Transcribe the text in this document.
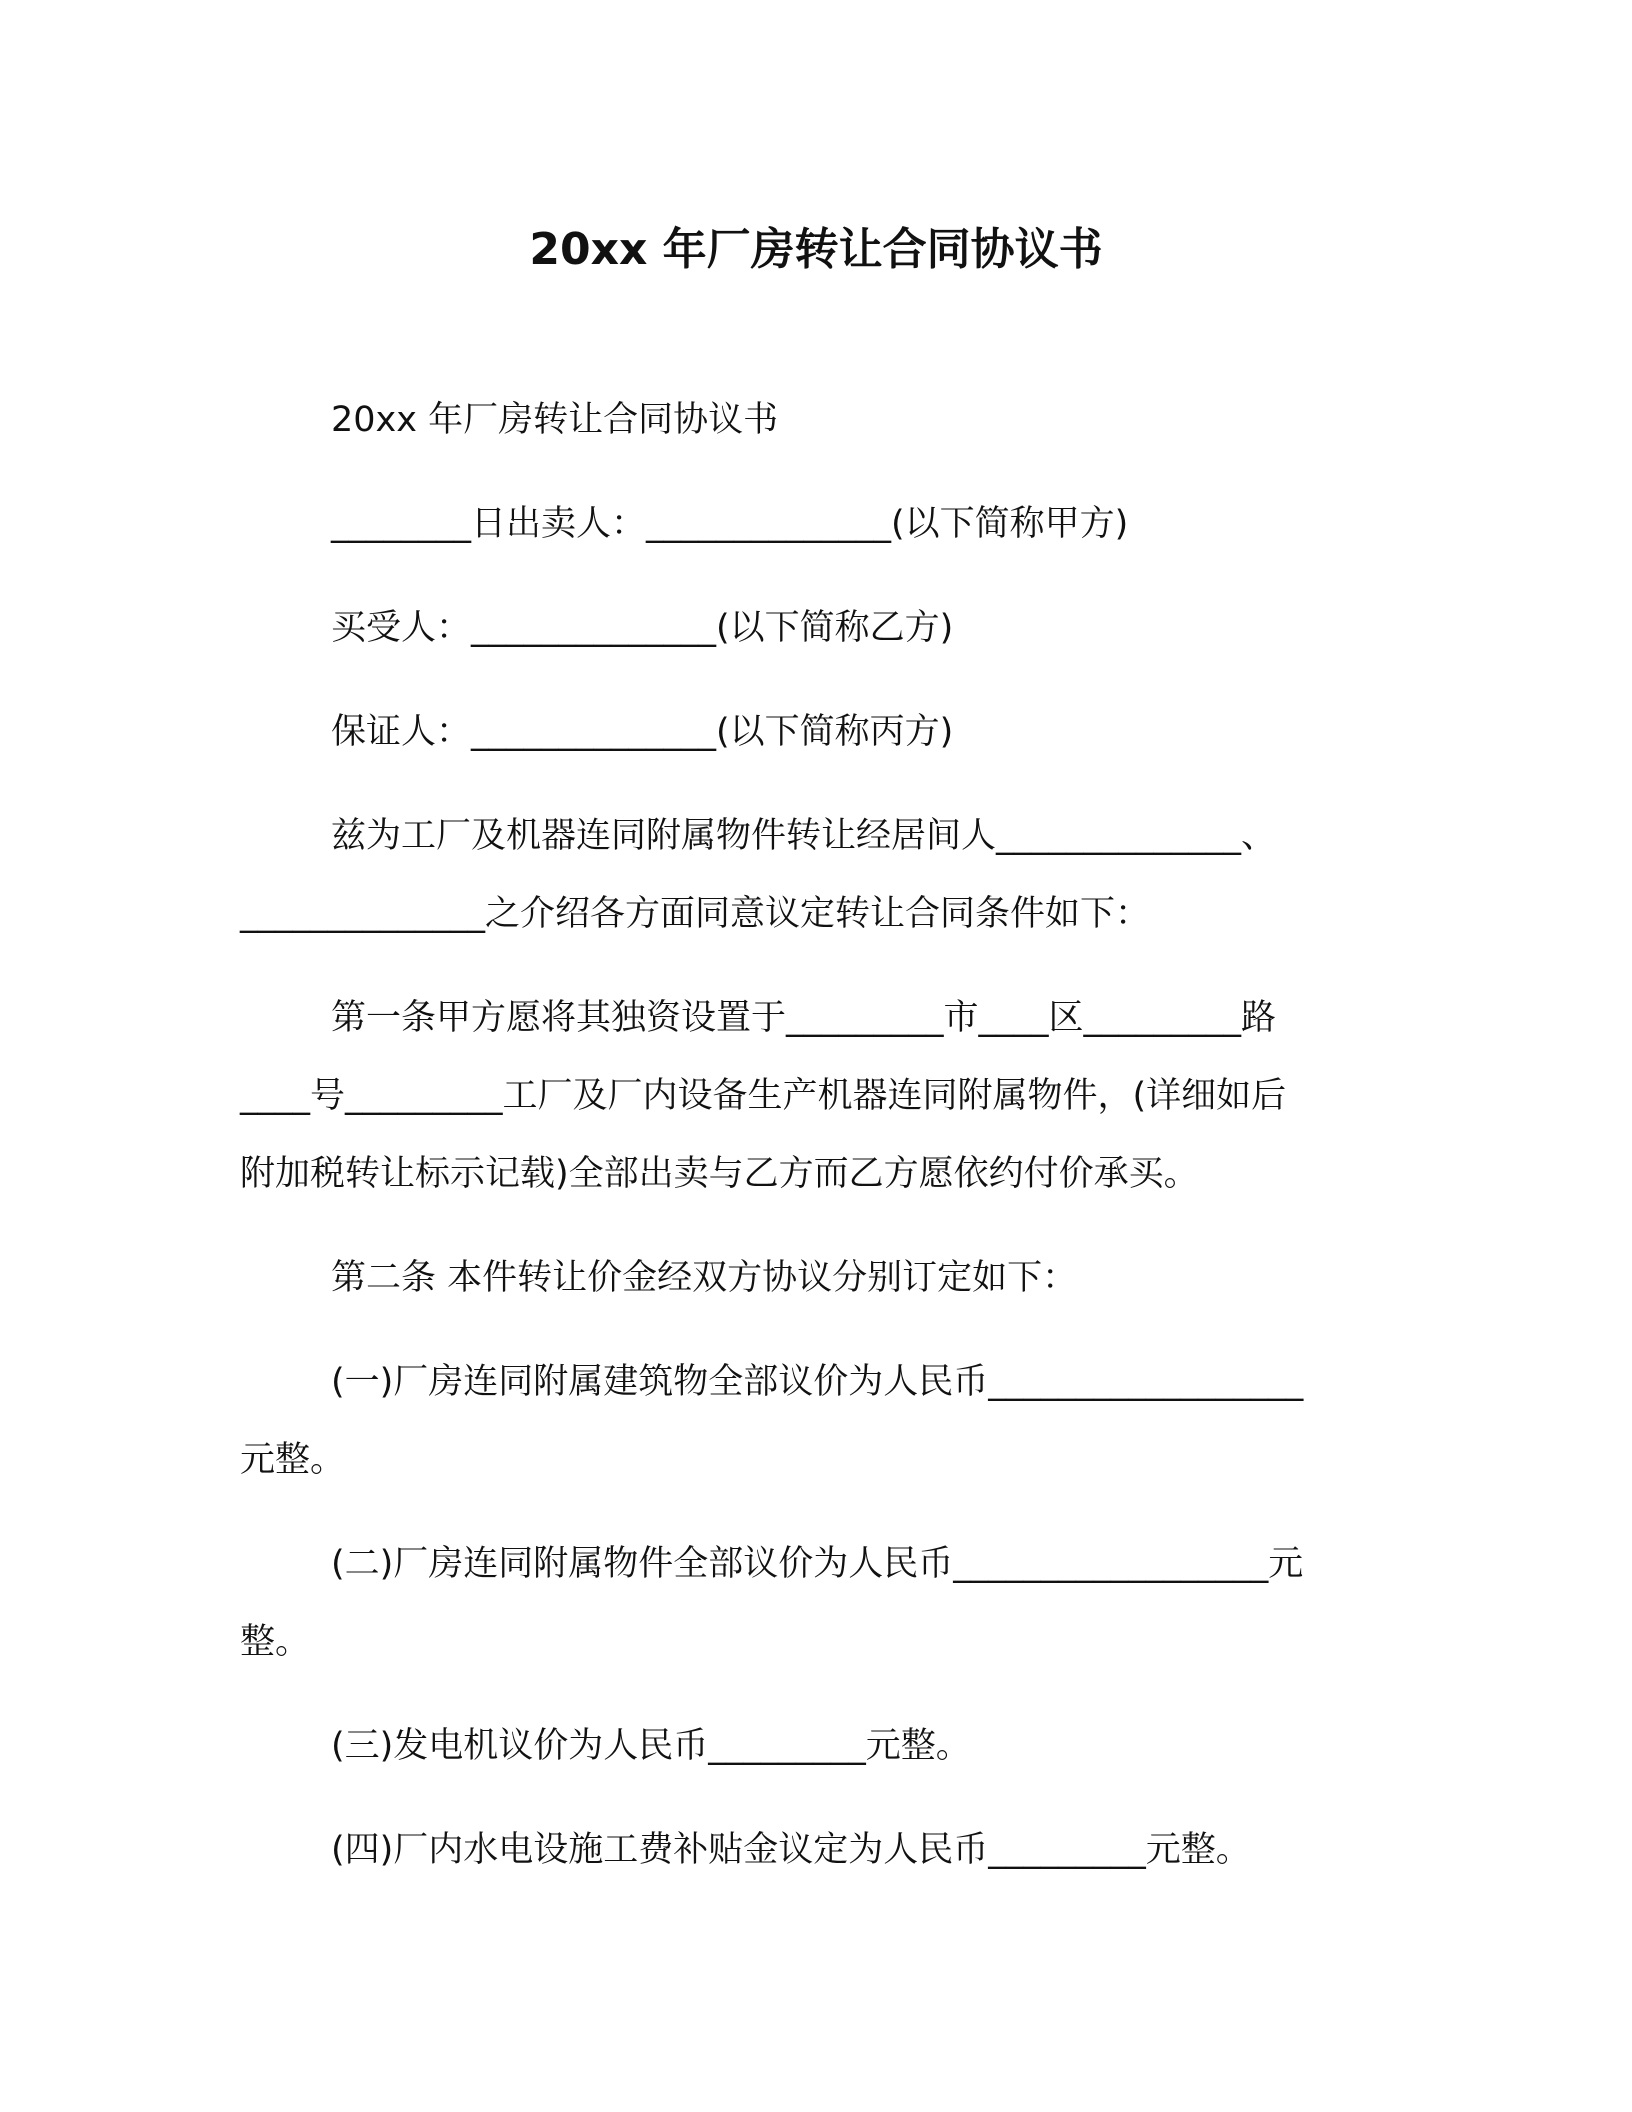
20xx 年厂房转让合同协议书

20xx 年厂房转让合同协议书

________日出卖人：______________(以下简称甲方)

买受人：______________(以下简称乙方)

保证人：______________(以下简称丙方)

兹为工厂及机器连同附属物件转让经居间人______________、

______________之介绍各方面同意议定转让合同条件如下：

第一条甲方愿将其独资设置于_________市____区_________路

____号_________工厂及厂内设备生产机器连同附属物件，(详细如后

附加税转让标示记载)全部出卖与乙方而乙方愿依约付价承买。

第二条 本件转让价金经双方协议分别订定如下：

(一)厂房连同附属建筑物全部议价为人民币__________________

元整。

(二)厂房连同附属物件全部议价为人民币__________________元

整。

(三)发电机议价为人民币_________元整。

(四)厂内水电设施工费补贴金议定为人民币_________元整。
